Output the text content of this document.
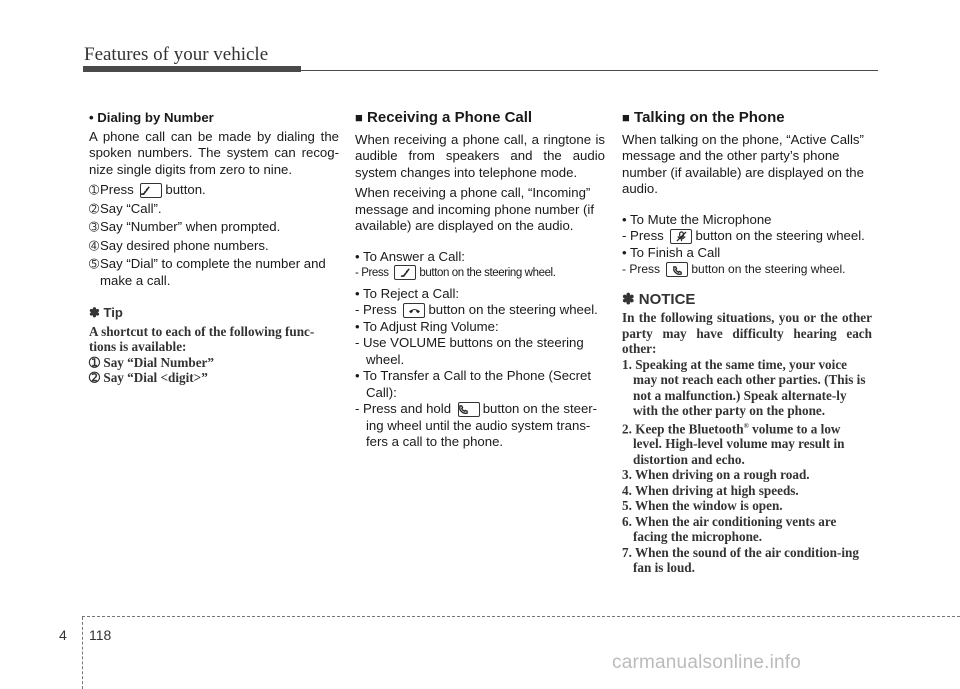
Features of your vehicle

• Dialing by Number

A phone call can be made by dialing the spoken numbers. The system can recog-nize single digits from zero to nine.

➀Press button.

➁Say “Call”.

➂Say “Number” when prompted.

➃Say desired phone numbers.

➄Say “Dial” to complete the number and make a call.

✽ Tip

A shortcut to each of the following func-tions is available:

➀ Say “Dial Number”

➁ Say “Dial <digit>”

■ Receiving a Phone Call

When receiving a phone call, a ringtone is audible from speakers and the audio system changes into telephone mode.

When receiving a phone call, “Incoming” message and incoming phone number (if available) are displayed on the audio.

• To Answer a Call:

- Press	button on the steering wheel.

• To Reject a Call:

- Press button on the steering wheel.

• To Adjust Ring Volume:

- Use VOLUME buttons on the steering wheel.

• To Transfer a Call to the Phone (Secret Call):

- Press and hold button on the steer-ing wheel until the audio system trans-fers a call to the phone.

■ Talking on the Phone

When talking on the phone, “Active Calls” message and the other party’s phone number (if available) are displayed on the audio.

• To Mute the Microphone

- Press button on the steering wheel.

• To Finish a Call

- Press	button on the steering wheel.

✽ NOTICE

In the following situations, you or the other party may have difficulty hearing each other:

1. Speaking at the same time, your voice may not reach each other parties. (This is not a malfunction.) Speak alternate-ly with the other party on the phone.

2. Keep the Bluetooth® volume to a low level. High-level volume may result in distortion and echo.

3. When driving on a rough road.

4. When driving at high speeds.

5. When the window is open.

6. When the air conditioning vents are facing the microphone.

7. When the sound of the air condition-ing fan is loud.

4 118
carmanualsonline.info
